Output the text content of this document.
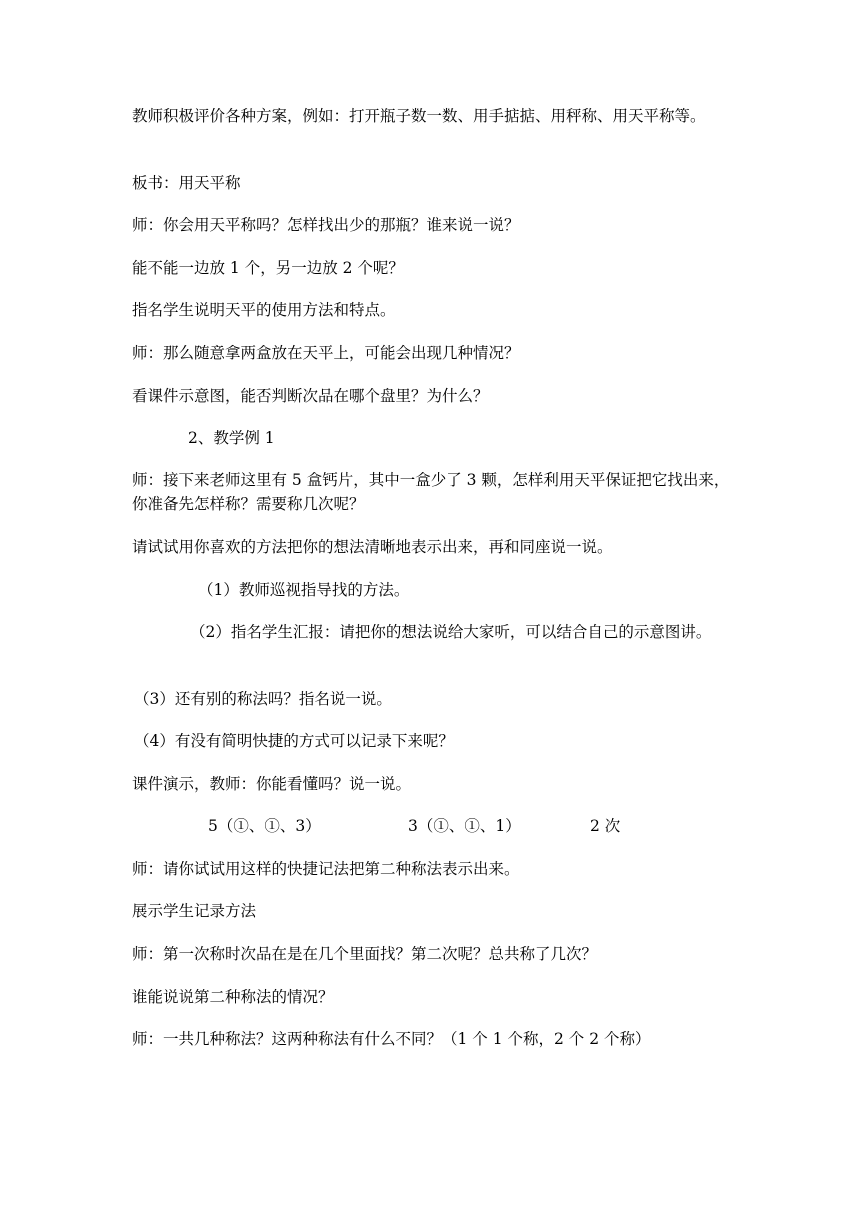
教师积极评价各种方案，例如：打开瓶子数一数、用手掂掂、用秤称、用天平称等。
板书：用天平称
师：你会用天平称吗？怎样找出少的那瓶？谁来说一说？
能不能一边放 1 个，另一边放 2 个呢？
指名学生说明天平的使用方法和特点。
师：那么随意拿两盒放在天平上，可能会出现几种情况？
看课件示意图，能否判断次品在哪个盘里？为什么？
2、教学例 1
师：接下来老师这里有 5 盒钙片，其中一盒少了 3 颗，怎样利用天平保证把它找出来，你准备先怎样称？需要称几次呢？
请试试用你喜欢的方法把你的想法清晰地表示出来，再和同座说一说。
（1）教师巡视指导找的方法。
（2）指名学生汇报：请把你的想法说给大家听，可以结合自己的示意图讲。
（3）还有别的称法吗？指名说一说。
（4）有没有简明快捷的方式可以记录下来呢？
课件演示，教师：你能看懂吗？说一说。
5（①、①、3）	3（①、①、1）	2 次
师：请你试试用这样的快捷记法把第二种称法表示出来。
展示学生记录方法
师：第一次称时次品在是在几个里面找？第二次呢？总共称了几次？
谁能说说第二种称法的情况？
师：一共几种称法？这两种称法有什么不同？（1 个 1 个称，2 个 2 个称）
